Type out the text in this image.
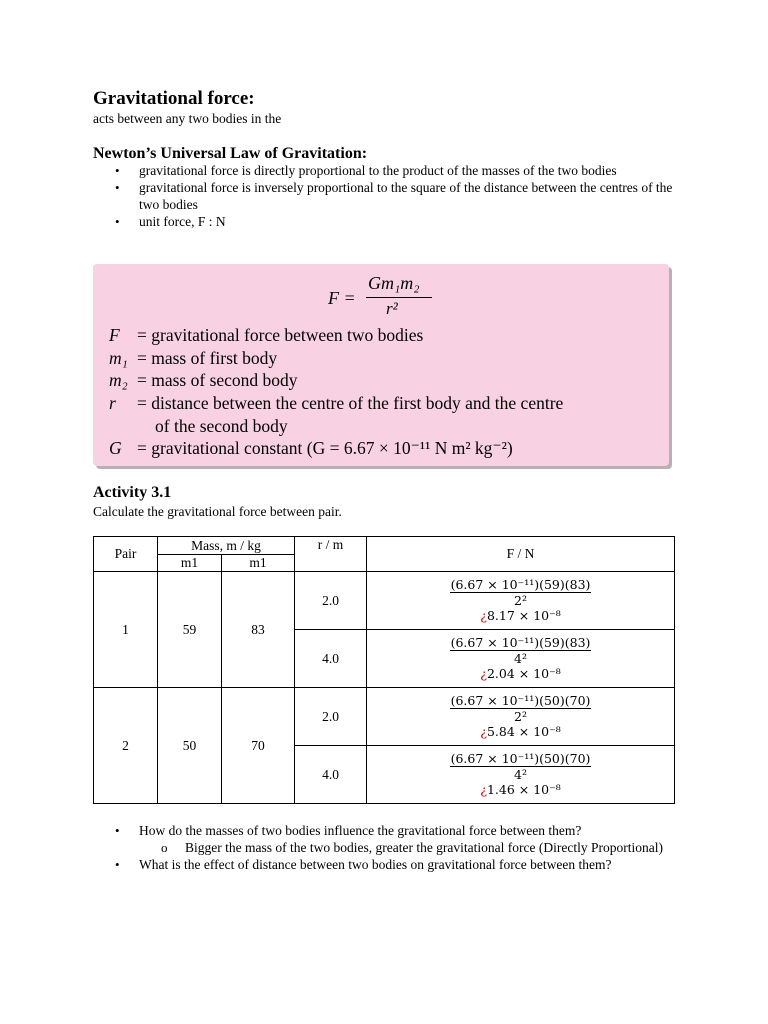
Gravitational force:

acts between any two bodies in the

Newton’s Universal Law of Gravitation:

• gravitational force is directly proportional to the product of the masses of the two bodies
• gravitational force is inversely proportional to the square of the distance between the centres of the two bodies
• unit force, F : N
F =
Gm₁m₂
r²
F = gravitational force between two bodies
m₁ = mass of first body
m₂ = mass of second body
r = distance between the centre of the first body and the centre
of the second body
G = gravitational constant (G = 6.67 × 10⁻¹¹ N m² kg⁻²)

Activity 3.1

Calculate the gravitational force between pair.

Pair	Mass, m / kg		r / m	F / N
	m1	m1		
1	59	83	2.0	(6.67 × 10⁻¹¹)(59)(83)
2²
¿8.17 × 10⁻⁸

			4.0	(6.67 × 10⁻¹¹)(59)(83)
4²
¿2.04 × 10⁻⁸

2	50	70	2.0	(6.67 × 10⁻¹¹)(50)(70)
2²
¿5.84 × 10⁻⁸

			4.0	(6.67 × 10⁻¹¹)(50)(70)
4²
¿1.46 × 10⁻⁸
• How do the masses of two bodies influence the gravitational force between them?
o Bigger the mass of the two bodies, greater the gravitational force (Directly Proportional)
• What is the effect of distance between two bodies on gravitational force between them?
